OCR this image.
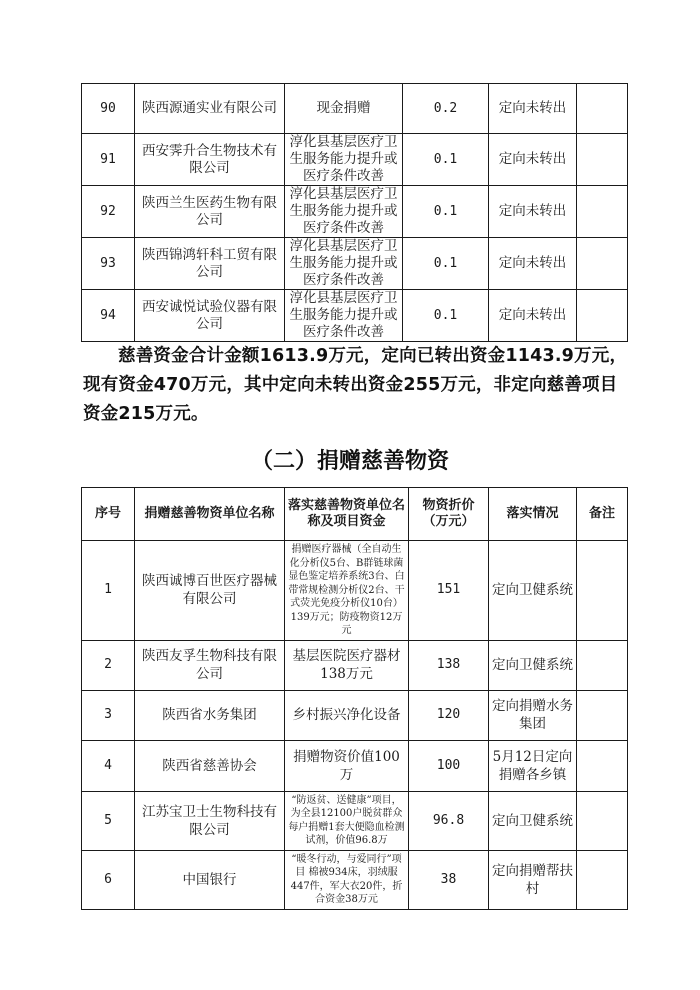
90	陕西源通实业有限公司	现金捐赠	0.2	定向未转出	
91	西安霁升合生物技术有限公司	淳化县基层医疗卫生服务能力提升或医疗条件改善	0.1	定向未转出	
92	陕西兰生医药生物有限公司	淳化县基层医疗卫生服务能力提升或医疗条件改善	0.1	定向未转出	
93	陕西锦鸿轩科工贸有限公司	淳化县基层医疗卫生服务能力提升或医疗条件改善	0.1	定向未转出	
94	西安诚悦试验仪器有限公司	淳化县基层医疗卫生服务能力提升或医疗条件改善	0.1	定向未转出	

慈善资金合计金额1613.9万元，定向已转出资金1143.9万元，现有资金470万元，其中定向未转出资金255万元，非定向慈善项目资金215万元。

（二）捐赠慈善物资
序号	捐赠慈善物资单位名称	落实慈善物资单位名称及项目资金	物资折价（万元）	落实情况	备注
1	陕西诚博百世医疗器械有限公司	捐赠医疗器械（全自动生化分析仪5台、B群链球菌显色鉴定培养系统3台、白带常规检测分析仪2台、干式荧光免疫分析仪10台）139万元；防疫物资12万元	151	定向卫健系统	
2	陕西友孚生物科技有限公司	基层医院医疗器材138万元	138	定向卫健系统	
3	陕西省水务集团	乡村振兴净化设备	120	定向捐赠水务集团	
4	陕西省慈善协会	捐赠物资价值100万	100	5月12日定向捐赠各乡镇	
5	江苏宝卫士生物科技有限公司	“防返贫、送健康”项目，为全县12100户脱贫群众每户捐赠1套大便隐血检测试剂，价值96.8万	96.8	定向卫健系统	
6	中国银行	“暖冬行动，与爱同行”项目 棉被934床，羽绒服447件，军大衣20件，折合资金38万元	38	定向捐赠帮扶村	
